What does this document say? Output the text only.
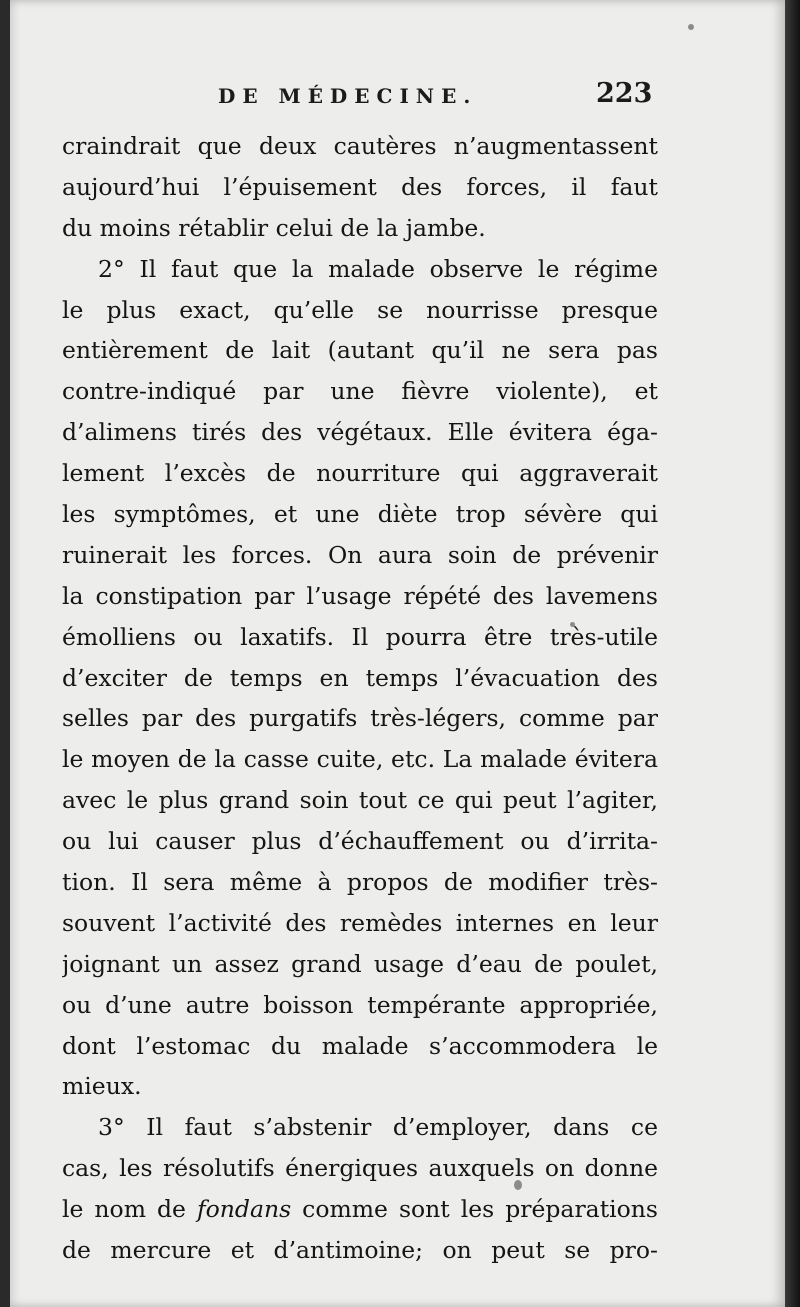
DE MÉDECINE.	223
craindrait que deux cautères n’augmentassent
aujourd’hui l’épuisement des forces, il faut
du moins rétablir celui de la jambe.
2° Il faut que la malade observe le régime
le plus exact, qu’elle se nourrisse presque
entièrement de lait (autant qu’il ne sera pas
contre-indiqué par une fièvre violente), et
d’alimens tirés des végétaux. Elle évitera éga-
lement l’excès de nourriture qui aggraverait
les symptômes, et une diète trop sévère qui
ruinerait les forces. On aura soin de prévenir
la constipation par l’usage répété des lavemens
émolliens ou laxatifs. Il pourra être très-utile
d’exciter de temps en temps l’évacuation des
selles par des purgatifs très-légers, comme par
le moyen de la casse cuite, etc. La malade évitera
avec le plus grand soin tout ce qui peut l’agiter,
ou lui causer plus d’échauffement ou d’irrita-
tion. Il sera même à propos de modifier très-
souvent l’activité des remèdes internes en leur
joignant un assez grand usage d’eau de poulet,
ou d’une autre boisson tempérante appropriée,
dont l’estomac du malade s’accommodera le
mieux.
3° Il faut s’abstenir d’employer, dans ce
cas, les résolutifs énergiques auxquels on donne
le nom de fondans comme sont les préparations
de mercure et d’antimoine; on peut se pro-
